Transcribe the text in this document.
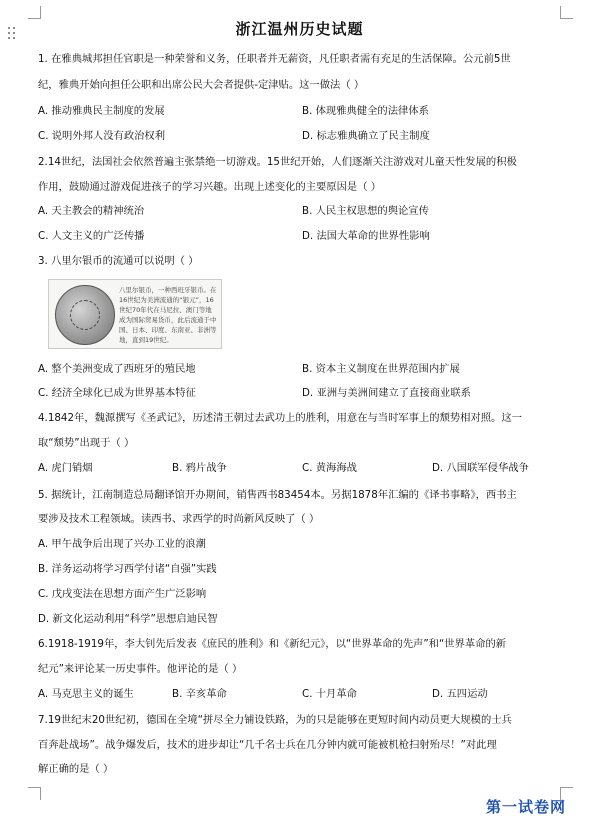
浙江温州历史试题
1. 在雅典城邦担任官职是一种荣誉和义务，任职者并无薪资，凡任职者需有充足的生活保障。公元前5世
纪，雅典开始向担任公职和出席公民大会者提供-定津贴。这一做法（ ）
A. 推动雅典民主制度的发展	B. 体现雅典健全的法律体系
C. 说明外邦人没有政治权利	D. 标志雅典确立了民主制度
2.14世纪，法国社会依然普遍主张禁绝一切游戏。15世纪开始，人们逐渐关注游戏对儿童天性发展的积极
作用，鼓励通过游戏促进孩子的学习兴趣。出现上述变化的主要原因是（ ）
A. 天主教会的精神统治	B. 人民主权思想的舆论宣传
C. 人文主义的广泛传播	D. 法国大革命的世界性影响
3. 八里尔银币的流通可以说明（ ）
八里尔银币，一种西班牙银币。在16世纪为美洲流通的“银元”，16世纪70年代在马尼拉、澳门等地成为国际贸易货币，此后流通于中国、日本、印度、东南亚、非洲等地，直到19世纪。
A. 整个美洲变成了西班牙的殖民地	B. 资本主义制度在世界范围内扩展
C. 经济全球化已成为世界基本特征	D. 亚洲与美洲间建立了直接商业联系
4.1842年，魏源撰写《圣武记》，历述清王朝过去武功上的胜利，用意在与当时军事上的颓势相对照。这一
取“颓势”出现于（ ）
A. 虎门销烟	B. 鸦片战争	C. 黄海海战	D. 八国联军侵华战争
5. 据统计，江南制造总局翻译馆开办期间，销售西书83454本。另据1878年汇编的《译书事略》，西书主
要涉及技术工程领域。读西书、求西学的时尚新风反映了（ ）
A. 甲午战争后出现了兴办工业的浪潮
B. 洋务运动将学习西学付诸“自强”实践
C. 戊戌变法在思想方面产生广泛影响
D. 新文化运动利用“科学”思想启迪民智
6.1918-1919年，李大钊先后发表《庶民的胜利》和《新纪元》，以“世界革命的先声”和“世界革命的新
纪元”来评论某一历史事件。他评论的是（ ）
A. 马克思主义的诞生	B. 辛亥革命	C. 十月革命	D. 五四运动
7.19世纪末20世纪初，德国在全境“拼尽全力铺设铁路，为的只是能够在更短时间内动员更大规模的士兵
百奔赴战场”。战争爆发后，技术的进步却让“几千名士兵在几分钟内就可能被机枪扫射殆尽！”对此理
解正确的是（ ）
第一试卷网
